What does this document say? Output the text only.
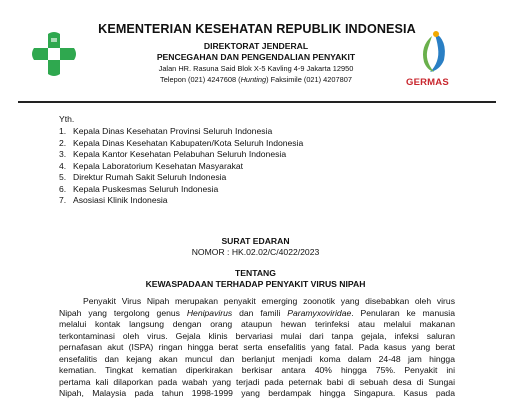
KEMENTERIAN KESEHATAN REPUBLIK INDONESIA
DIREKTORAT JENDERAL
PENCEGAHAN DAN PENGENDALIAN PENYAKIT
Jalan HR. Rasuna Said Blok X-5 Kavling 4-9 Jakarta 12950
Telepon (021) 4247608 (Hunting) Faksimile (021) 4207807	GERMAS
Yth.
1. Kepala Dinas Kesehatan Provinsi Seluruh Indonesia
2. Kepala Dinas Kesehatan Kabupaten/Kota Seluruh Indonesia
3. Kepala Kantor Kesehatan Pelabuhan Seluruh Indonesia
4. Kepala Laboratorium Kesehatan Masyarakat
5. Direktur Rumah Sakit Seluruh Indonesia
6. Kepala Puskesmas Seluruh Indonesia
7. Asosiasi Klinik Indonesia
SURAT EDARAN
NOMOR : HK.02.02/C/4022/2023
TENTANG
KEWASPADAAN TERHADAP PENYAKIT VIRUS NIPAH
Penyakit Virus Nipah merupakan penyakit emerging zoonotik yang disebabkan oleh virus
Nipah yang tergolong genus Henipavirus dan famili Paramyxoviridae. Penularan ke manusia
melalui kontak langsung dengan orang ataupun hewan terinfeksi atau melalui makanan
terkontaminasi oleh virus. Gejala klinis bervariasi mulai dari tanpa gejala, infeksi saluran
pernafasan akut (ISPA) ringan hingga berat serta ensefalitis yang fatal. Pada kasus yang berat
ensefalitis dan kejang akan muncul dan berlanjut menjadi koma dalam 24-48 jam hingga
kematian. Tingkat kematian diperkirakan berkisar antara 40% hingga 75%. Penyakit ini
pertama kali dilaporkan pada wabah yang terjadi pada peternak babi di sebuah desa di Sungai
Nipah, Malaysia pada tahun 1998-1999 yang berdampak hingga Singapura. Kasus pada
